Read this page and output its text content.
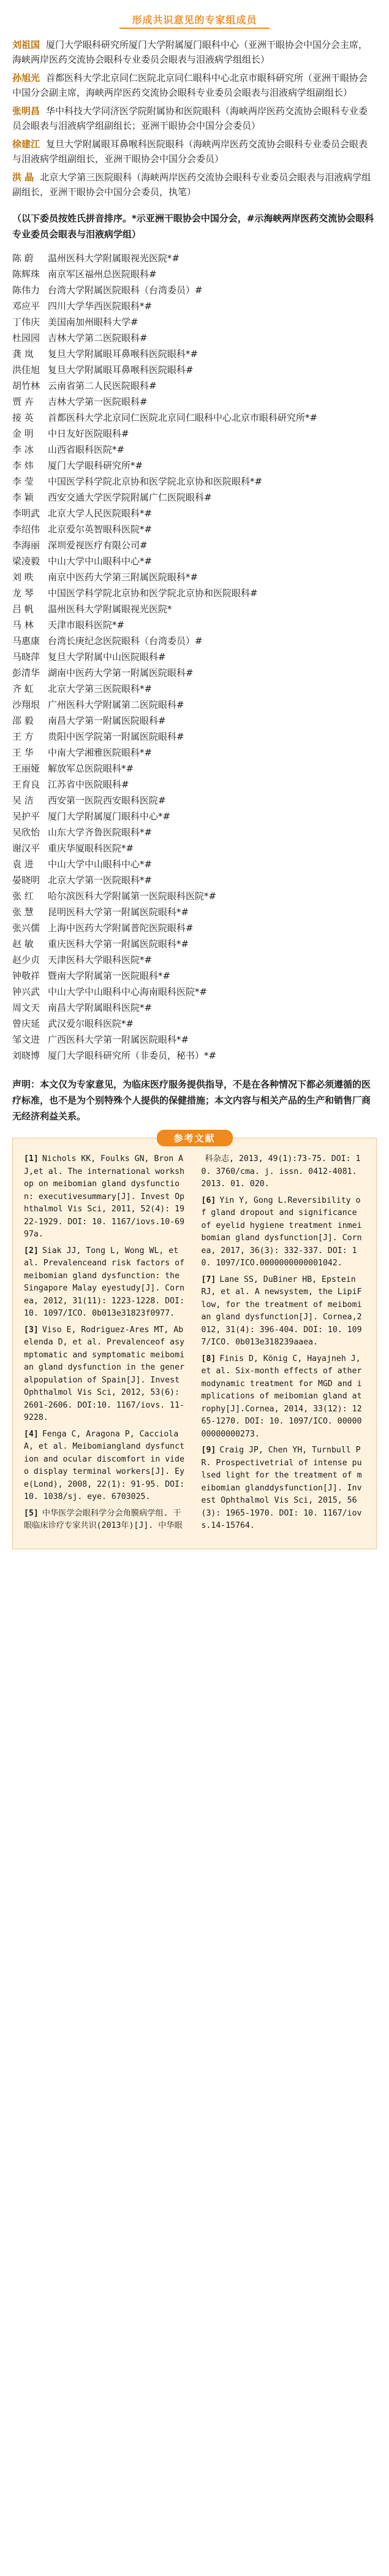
形成共识意见的专家组成员
刘祖国 厦门大学眼科研究所厦门大学附属厦门眼科中心（亚洲干眼协会中国分会主席，海峡两岸医药交流协会眼科专业委员会眼表与泪液病学组组长）
孙旭光 首都医科大学北京同仁医院北京同仁眼科中心北京市眼科研究所（亚洲干眼协会中国分会副主席，海峡两岸医药交流协会眼科专业委员会眼表与泪液病学组副组长）
张明昌 华中科技大学同济医学院附属协和医院眼科（海峡两岸医药交流协会眼科专业委员会眼表与泪液病学组副组长；亚洲干眼协会中国分会委员）
徐建江 复旦大学附属眼耳鼻喉科医院眼科（海峡两岸医药交流协会眼科专业委员会眼表与泪液病学组副组长，亚洲干眼协会中国分会委员）
洪 晶 北京大学第三医院眼科（海峡两岸医药交流协会眼科专业委员会眼表与泪液病学组副组长，亚洲干眼协会中国分会委员，执笔）
（以下委员按姓氏拼音排序。*示亚洲干眼协会中国分会，#示海峡两岸医药交流协会眼科专业委员会眼表与泪液病学组）
陈 蔚	温州医科大学附属眼视光医院*#
陈辉珠 南京军区福州总医院眼科#
陈伟力 台湾大学附属医院眼科（台湾委员）#
邓应平 四川大学华西医院眼科*#
丁伟庆 美国南加州眼科大学#
杜园园 吉林大学第二医院眼科#
龚 岚	复旦大学附属眼耳鼻喉科医院眼科*#
洪佳旭 复旦大学附属眼耳鼻喉科医院眼科#
胡竹林 云南省第二人民医院眼科#
贾 卉	吉林大学第一医院眼科#
接 英	首都医科大学北京同仁医院北京同仁眼科中心北京市眼科研究所*#
金 明	中日友好医院眼科#
李 冰	山西省眼科医院*#
李 炜	厦门大学眼科研究所*#
李 莹	中国医学科学院北京协和医学院北京协和医院眼科*#
李 颖	西安交通大学医学院附属广仁医院眼科#
李明武 北京大学人民医院眼科*#
李绍伟 北京爱尔英智眼科医院*#
李海丽 深圳爱视医疗有限公司#
梁凌毅 中山大学中山眼科中心*#
刘 昳	南京中医药大学第三附属医院眼科*#
龙 琴	中国医学科学院北京协和医学院北京协和医院眼科#
吕 帆	温州医科大学附属眼视光医院*
马 林	天津市眼科医院*#
马惠康 台湾长庚纪念医院眼科（台湾委员）#
马晓萍 复旦大学附属中山医院眼科#
彭清华 湖南中医药大学第一附属医院眼科#
齐 虹	北京大学第三医院眼科*#
沙翔垠 广州医科大学附属第二医院眼科#
邵 毅	南昌大学第一附属医院眼科#
王 方	贵阳中医学院第一附属医院眼科#
王 华	中南大学湘雅医院眼科*#
王丽娅 解放军总医院眼科*#
王育良 江苏省中医院眼科#
吴 洁	西安第一医院西安眼科医院#
吴护平 厦门大学附属厦门眼科中心*#
吴欣怡 山东大学齐鲁医院眼科*#
谢汉平 重庆华厦眼科医院*#
袁 进	中山大学中山眼科中心*#
晏晓明 北京大学第一医院眼科*#
张 红	哈尔滨医科大学附属第一医院眼科医院*#
张 慧	昆明医科大学第一附属医院眼科*#
张兴儒 上海中医药大学附属普陀医院眼科#
赵 敏	重庆医科大学第一附属医院眼科*#
赵少贞 天津医科大学眼科医院*#
钟敬祥 暨南大学附属第一医院眼科*#
钟兴武 中山大学中山眼科中心海南眼科医院*#
周文天 南昌大学附属眼科医院*#
曾庆延 武汉爱尔眼科医院*#
邹文进 广西医科大学第一附属医院眼科*#
刘晓博 厦门大学眼科研究所（非委员，秘书）*#
声明：本文仅为专家意见，为临床医疗服务提供指导，不是在各种情况下都必须遵循的医疗标准，也不是为个别特殊个人提供的保健措施；本文内容与相关产品的生产和销售厂商无经济利益关系。
参考文献
[1] Nichols KK, Foulks GN, Bron AJ,et al. The international workshop on meibomian gland dysfunction: executivesummary[J]. Invest Ophthalmol Vis Sci, 2011, 52(4): 1922-1929. DOI: 10. 1167/iovs.10-6997a.
[2] Siak JJ, Tong L, Wong WL, et al. Prevalenceand risk factors of meibomian gland dysfunction: the Singapore Malay eyestudy[J]. Cornea, 2012, 31(11): 1223-1228. DOI: 10. 1097/ICO. 0b013e31823f0977.
[3] Viso E, Rodriguez-Ares MT, Abelenda D, et al. Prevalenceof asymptomatic and symptomatic meibomian gland dysfunction in the generalpopulation of Spain[J]. Invest Ophthalmol Vis Sci, 2012, 53(6): 2601-2606. DOI:10. 1167/iovs. 11-9228.
[4] Fenga C, Aragona P, Cacciola A, et al. Meibomiangland dysfunction and ocular discomfort in video display terminal workers[J]. Eye(Lond), 2008, 22(1): 91-95. DOI: 10. 1038/sj. eye. 6703025.
[5] 中华医学会眼科学分会角膜病学组. 干眼临床诊疗专家共识(2013年)[J]. 中华眼
科杂志, 2013, 49(1):73-75. DOI: 10. 3760/cma. j. issn. 0412-4081. 2013. 01. 020.
[6] Yin Y, Gong L.Reversibility of gland dropout and significance of eyelid hygiene treatment inmeibomian gland dysfunction[J]. Cornea, 2017, 36(3): 332-337. DOI: 10. 1097/ICO.0000000000001042.
[7] Lane SS, DuBiner HB, Epstein RJ, et al. A newsystem, the LipiFlow, for the treatment of meibomian gland dysfunction[J]. Cornea,2012, 31(4): 396-404. DOI: 10. 1097/ICO. 0b013e318239aaea.
[8] Finis D, König C, Hayajneh J, et al. Six-month effects of athermodynamic treatment for MGD and implications of meibomian gland atrophy[J].Cornea, 2014, 33(12): 1265-1270. DOI: 10. 1097/ICO. 0000000000000273.
[9] Craig JP, Chen YH, Turnbull PR. Prospectivetrial of intense pulsed light for the treatment of meibomian glanddysfunction[J]. Invest Ophthalmol Vis Sci, 2015, 56(3): 1965-1970. DOI: 10. 1167/iovs.14-15764.
